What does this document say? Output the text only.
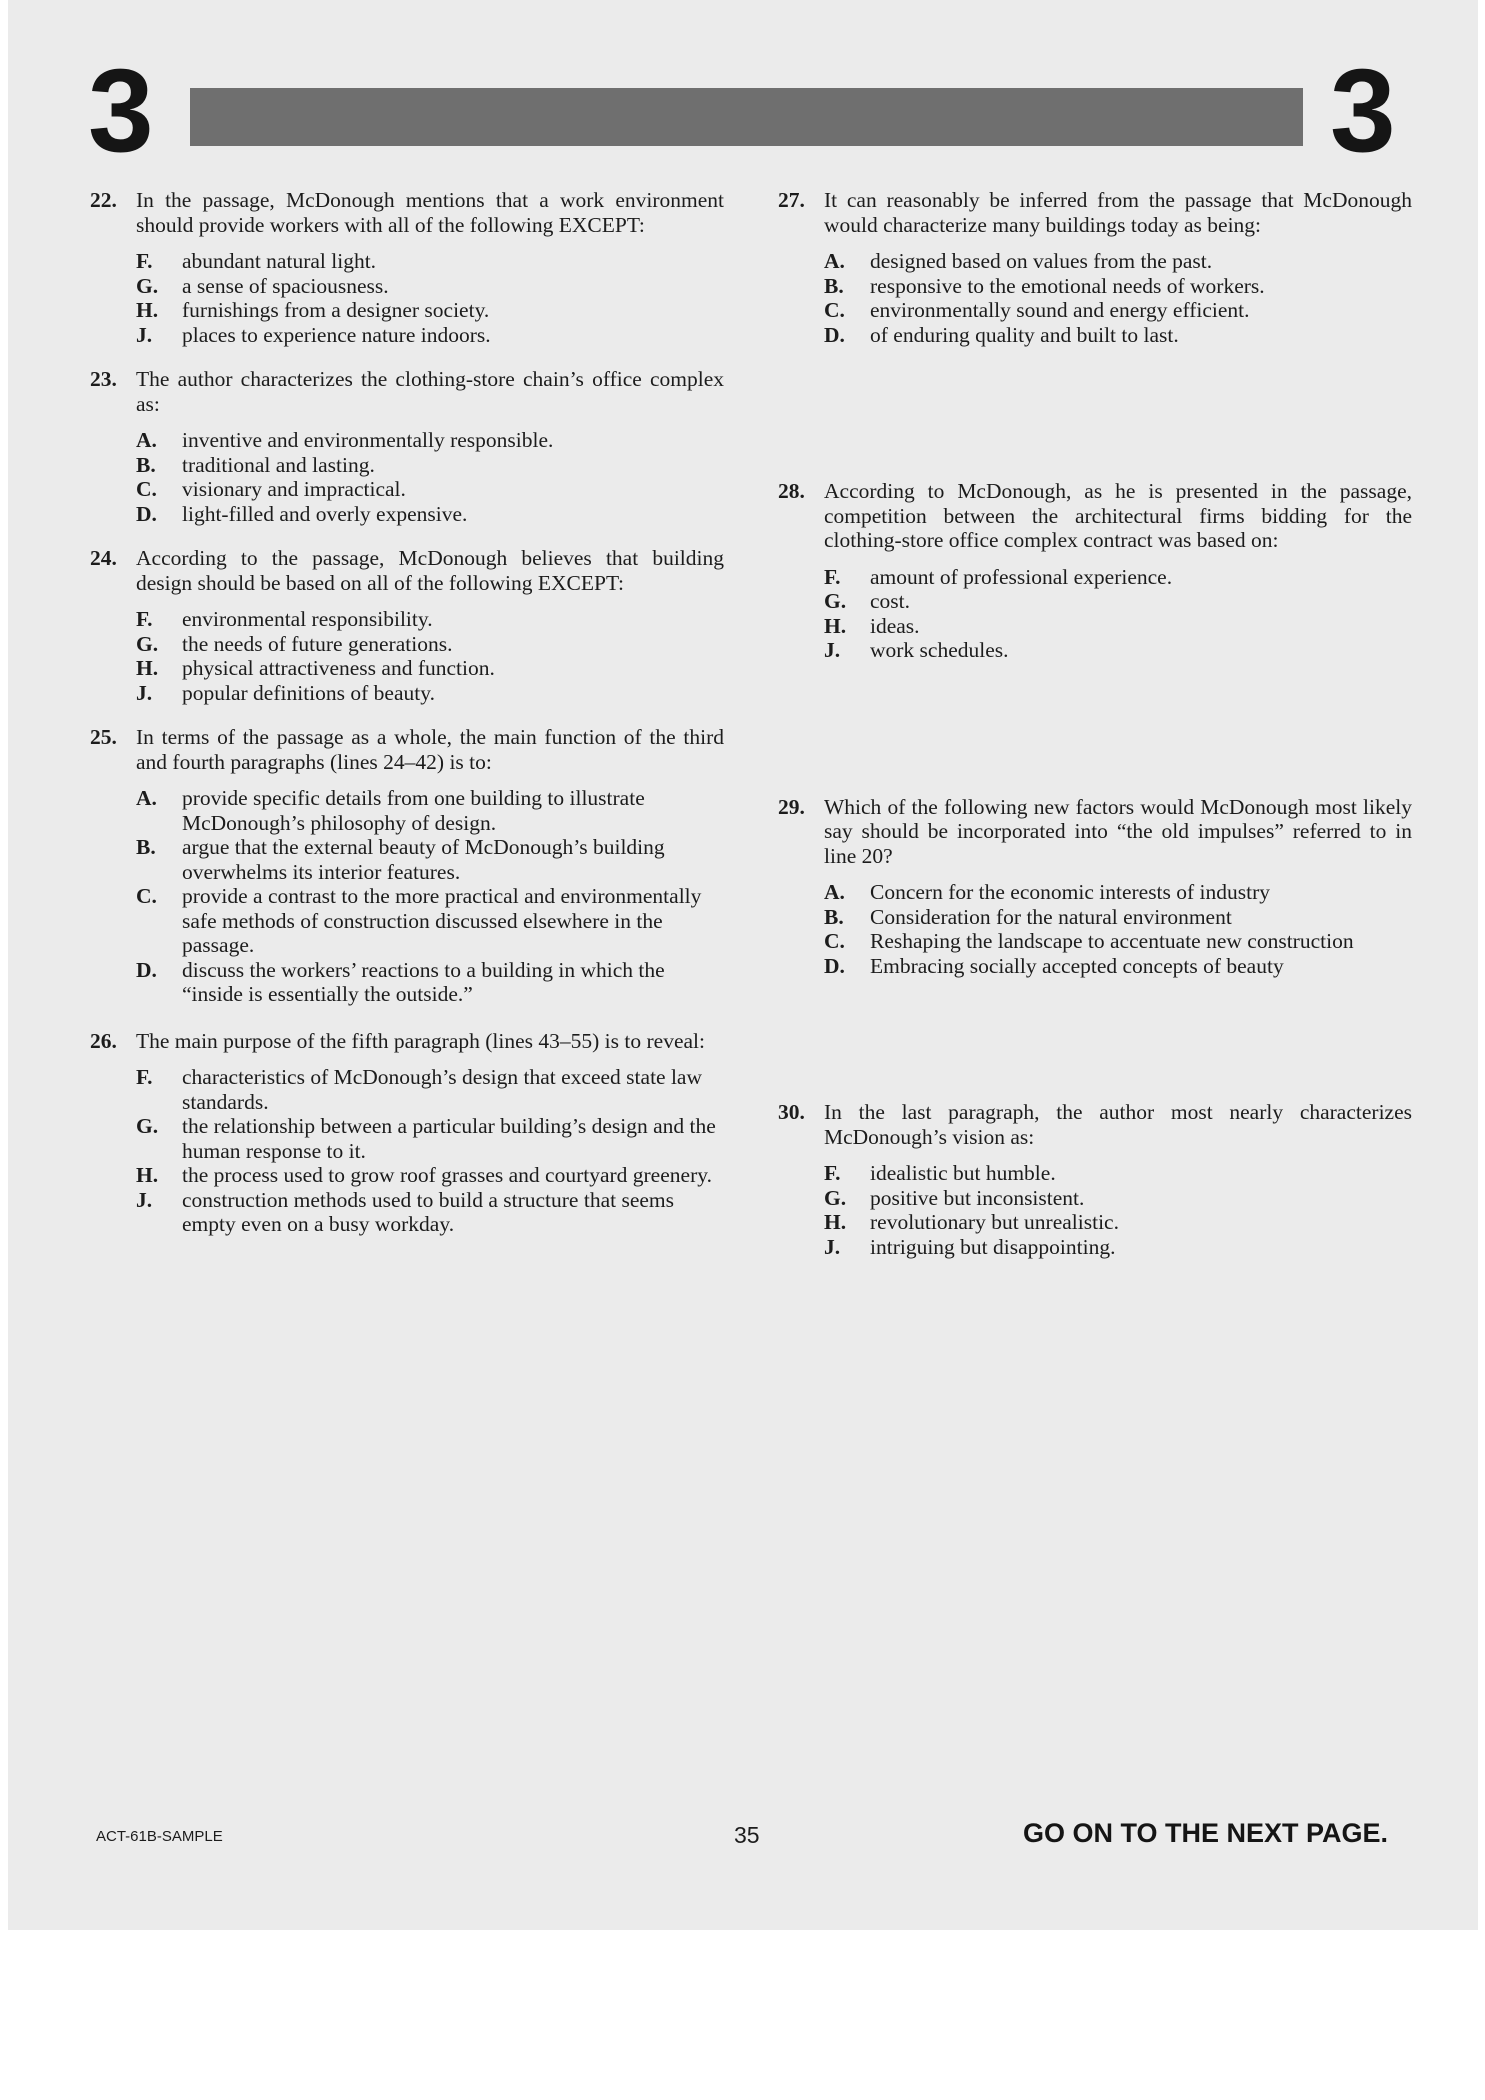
3	3
22. In the passage, McDonough mentions that a work environment should provide workers with all of the following EXCEPT:
F. abundant natural light.
G. a sense of spaciousness.
H. furnishings from a designer society.
J. places to experience nature indoors.
23. The author characterizes the clothing-store chain’s office complex as:
A. inventive and environmentally responsible.
B. traditional and lasting.
C. visionary and impractical.
D. light-filled and overly expensive.
24. According to the passage, McDonough believes that building design should be based on all of the following EXCEPT:
F. environmental responsibility.
G. the needs of future generations.
H. physical attractiveness and function.
J. popular definitions of beauty.
25. In terms of the passage as a whole, the main function of the third and fourth paragraphs (lines 24–42) is to:
A. provide specific details from one building to illustrate McDonough’s philosophy of design.
B. argue that the external beauty of McDonough’s building overwhelms its interior features.
C. provide a contrast to the more practical and environmentally safe methods of construction discussed elsewhere in the passage.
D. discuss the workers’ reactions to a building in which the “inside is essentially the outside.”
26. The main purpose of the fifth paragraph (lines 43–55) is to reveal:
F. characteristics of McDonough’s design that exceed state law standards.
G. the relationship between a particular building’s design and the human response to it.
H. the process used to grow roof grasses and courtyard greenery.
J. construction methods used to build a structure that seems empty even on a busy workday.
27. It can reasonably be inferred from the passage that McDonough would characterize many buildings today as being:
A. designed based on values from the past.
B. responsive to the emotional needs of workers.
C. environmentally sound and energy efficient.
D. of enduring quality and built to last.
28. According to McDonough, as he is presented in the passage, competition between the architectural firms bidding for the clothing-store office complex contract was based on:
F. amount of professional experience.
G. cost.
H. ideas.
J. work schedules.
29. Which of the following new factors would McDonough most likely say should be incorporated into “the old impulses” referred to in line 20?
A. Concern for the economic interests of industry
B. Consideration for the natural environment
C. Reshaping the landscape to accentuate new construction
D. Embracing socially accepted concepts of beauty
30. In the last paragraph, the author most nearly characterizes McDonough’s vision as:
F. idealistic but humble.
G. positive but inconsistent.
H. revolutionary but unrealistic.
J. intriguing but disappointing.
ACT-61B-SAMPLE	35	GO ON TO THE NEXT PAGE.
